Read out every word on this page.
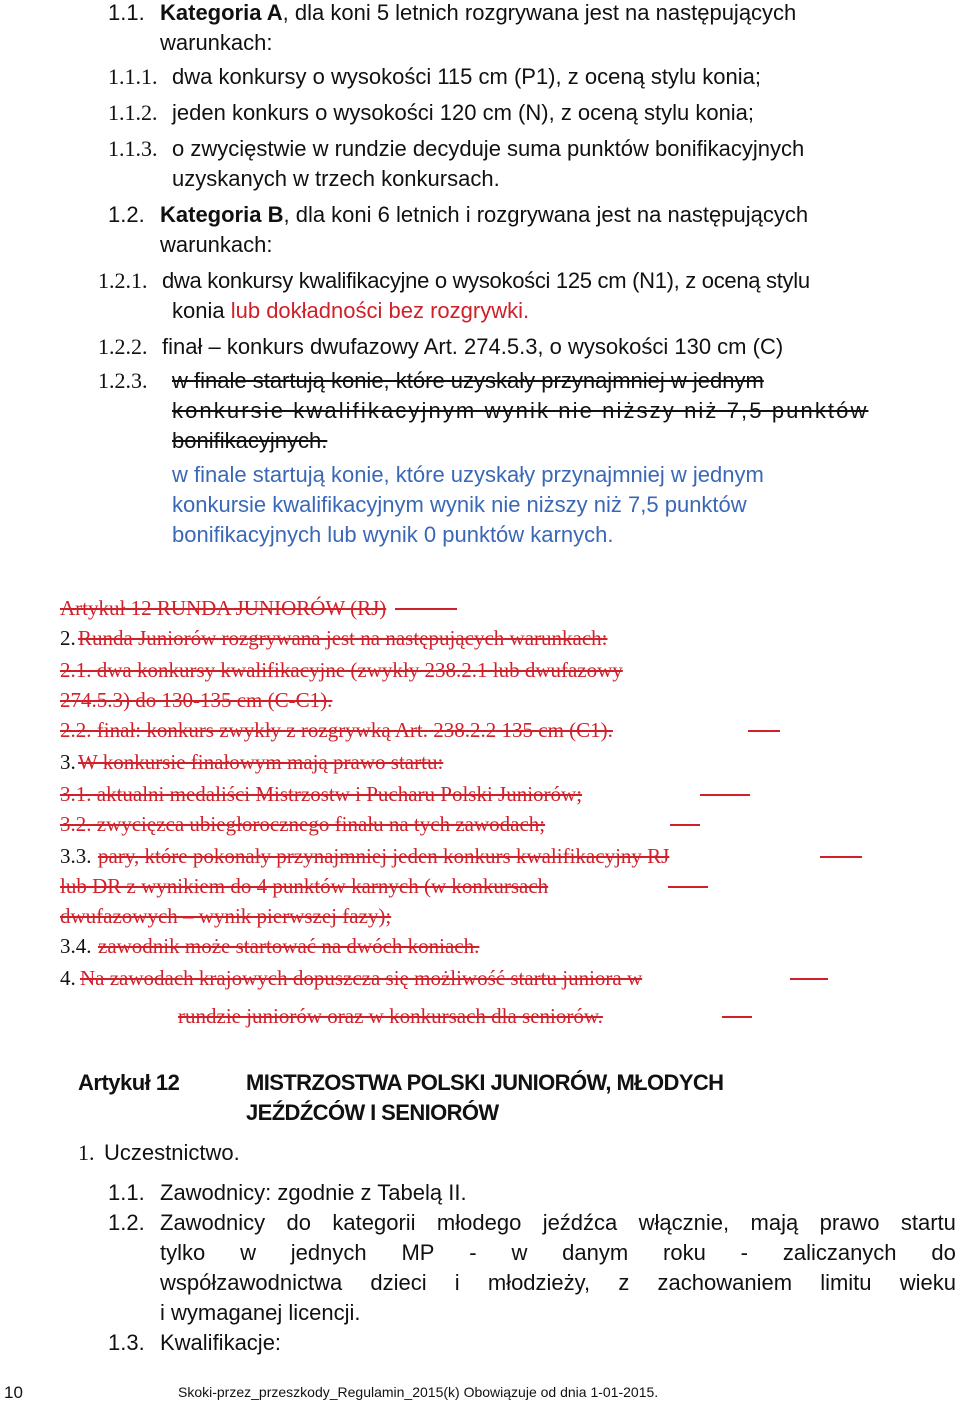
1.1. Kategoria A, dla koni 5 letnich rozgrywana jest na następujących
warunkach:
1.1.1. dwa konkursy o wysokości 115 cm (P1), z oceną stylu konia;
1.1.2. jeden konkurs o wysokości 120 cm (N), z oceną stylu konia;
1.1.3. o zwycięstwie w rundzie decyduje suma punktów bonifikacyjnych
uzyskanych w trzech konkursach.
1.2. Kategoria B, dla koni 6 letnich i rozgrywana jest na następujących
warunkach:
1.2.1. dwa konkursy kwalifikacyjne o wysokości 125 cm (N1), z oceną stylu
konia lub dokładności bez rozgrywki.
1.2.2. finał – konkurs dwufazowy Art. 274.5.3, o wysokości 130 cm (C)
1.2.3. w finale startują konie, które uzyskały przynajmniej w jednym
konkursie kwalifikacyjnym wynik nie niższy niż 7,5 punktów
bonifikacyjnych.
w finale startują konie, które uzyskały przynajmniej w jednym
konkursie kwalifikacyjnym wynik nie niższy niż 7,5 punktów
bonifikacyjnych lub wynik 0 punktów karnych.
Artykuł 12 RUNDA JUNIORÓW (RJ)
2. Runda Juniorów rozgrywana jest na następujących warunkach:
2.1. dwa konkursy kwalifikacyjne (zwykły 238.2.1 lub dwufazowy
274.5.3) do 130-135 cm (C-C1).
2.2. finał: konkurs zwykły z rozgrywką Art. 238.2.2 135 cm (C1).
3. W konkursie finałowym mają prawo startu:
3.1. aktualni medaliści Mistrzostw i Pucharu Polski Juniorów;
3.2. zwycięzca ubiegłorocznego finału na tych zawodach;
3.3. pary, które pokonały przynajmniej jeden konkurs kwalifikacyjny RJ
lub DR z wynikiem do 4 punktów karnych (w konkursach
dwufazowych – wynik pierwszej fazy);
3.4. zawodnik może startować na dwóch koniach.
4. Na zawodach krajowych dopuszcza się możliwość startu juniora w
rundzie juniorów oraz w konkursach dla seniorów.
Artykuł 12	MISTRZOSTWA POLSKI JUNIORÓW, MŁODYCH
JEŹDŹCÓW I SENIORÓW
1. Uczestnictwo.
1.1. Zawodnicy: zgodnie z Tabelą II.
1.2. Zawodnicy do kategorii młodego jeźdźca włącznie, mają prawo startu
tylko w jednych MP - w danym roku - zaliczanych do
współzawodnictwa dzieci i młodzieży, z zachowaniem limitu wieku
i wymaganej licencji.
1.3. Kwalifikacje:
10	Skoki-przez_przeszkody_Regulamin_2015(k) Obowiązuje od dnia 1-01-2015.
